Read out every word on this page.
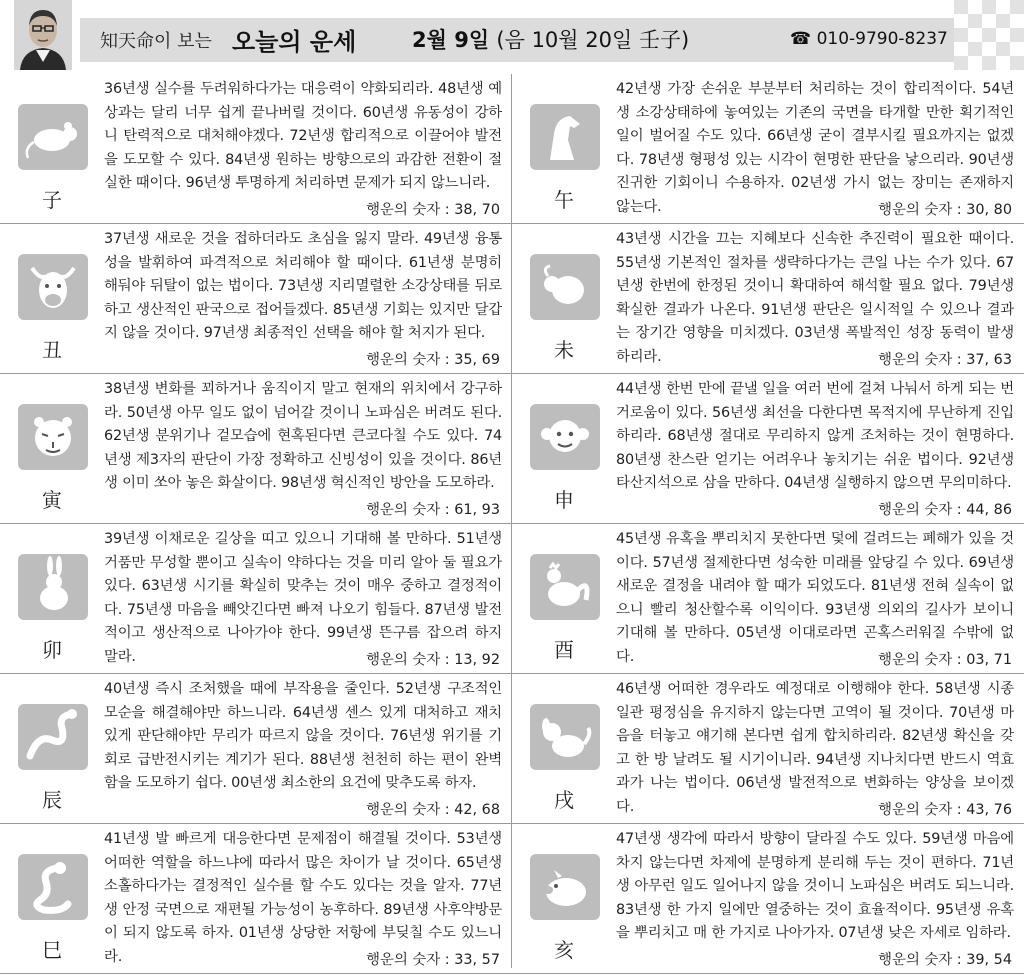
知天命이 보는 오늘의 운세	2월 9일 (음 10월 20일 壬子)	☎ 010-9790-8237
子
36년생 실수를 두려워하다가는 대응력이 약화되리라. 48년생 예상과는 달리 너무 쉽게 끝나버릴 것이다. 60년생 유동성이 강하니 탄력적으로 대처해야겠다. 72년생 합리적으로 이끌어야 발전을 도모할 수 있다. 84년생 원하는 방향으로의 과감한 전환이 절실한 때이다. 96년생 투명하게 처리하면 문제가 되지 않느니라.
행운의 숫자 : 38, 70
丑
37년생 새로운 것을 접하더라도 초심을 잃지 말라. 49년생 융통성을 발휘하여 파격적으로 처리해야 할 때이다. 61년생 분명히 해둬야 뒤탈이 없는 법이다. 73년생 지리멸렬한 소강상태를 뒤로하고 생산적인 판국으로 접어들겠다. 85년생 기회는 있지만 달갑지 않을 것이다. 97년생 최종적인 선택을 해야 할 처지가 된다.
행운의 숫자 : 35, 69
寅
38년생 변화를 꾀하거나 움직이지 말고 현재의 위치에서 강구하라. 50년생 아무 일도 없이 넘어갈 것이니 노파심은 버려도 된다. 62년생 분위기나 겉모습에 현혹된다면 큰코다칠 수도 있다. 74년생 제3자의 판단이 가장 정확하고 신빙성이 있을 것이다. 86년생 이미 쏘아 놓은 화살이다. 98년생 혁신적인 방안을 도모하라.
행운의 숫자 : 61, 93
卯
39년생 이채로운 길상을 띠고 있으니 기대해 볼 만하다. 51년생 거품만 무성할 뿐이고 실속이 약하다는 것을 미리 알아 둘 필요가 있다. 63년생 시기를 확실히 맞추는 것이 매우 중하고 결정적이다. 75년생 마음을 빼앗긴다면 빠져 나오기 힘들다. 87년생 발전적이고 생산적으로 나아가야 한다. 99년생 뜬구름 잡으려 하지 말라.	행운의 숫자 : 13, 92
辰
40년생 즉시 조처했을 때에 부작용을 줄인다. 52년생 구조적인 모순을 해결해야만 하느니라. 64년생 센스 있게 대처하고 재치 있게 판단해야만 무리가 따르지 않을 것이다. 76년생 위기를 기회로 급반전시키는 계기가 된다. 88년생 천천히 하는 편이 완벽함을 도모하기 쉽다. 00년생 최소한의 요건에 맞추도록 하자.
행운의 숫자 : 42, 68
巳
41년생 발 빠르게 대응한다면 문제점이 해결될 것이다. 53년생 어떠한 역할을 하느냐에 따라서 많은 차이가 날 것이다. 65년생 소홀하다가는 결정적인 실수를 할 수도 있다는 것을 알자. 77년생 안정 국면으로 재편될 가능성이 농후하다. 89년생 사후약방문이 되지 않도록 하자. 01년생 상당한 저항에 부딪칠 수도 있느니라.	행운의 숫자 : 33, 57
午
42년생 가장 손쉬운 부분부터 처리하는 것이 합리적이다. 54년생 소강상태하에 놓여있는 기존의 국면을 타개할 만한 획기적인 일이 벌어질 수도 있다. 66년생 굳이 결부시킬 필요까지는 없겠다. 78년생 형평성 있는 시각이 현명한 판단을 낳으리라. 90년생 진귀한 기회이니 수용하자. 02년생 가시 없는 장미는 존재하지 않는다.	행운의 숫자 : 30, 80
未
43년생 시간을 끄는 지혜보다 신속한 추진력이 필요한 때이다. 55년생 기본적인 절차를 생략하다가는 큰일 나는 수가 있다. 67년생 한번에 한정된 것이니 확대하여 해석할 필요 없다. 79년생 확실한 결과가 나온다. 91년생 판단은 일시적일 수 있으나 결과는 장기간 영향을 미치겠다. 03년생 폭발적인 성장 동력이 발생하리라.	행운의 숫자 : 37, 63
申
44년생 한번 만에 끝낼 일을 여러 번에 걸쳐 나눠서 하게 되는 번거로움이 있다. 56년생 최선을 다한다면 목적지에 무난하게 진입하리라. 68년생 절대로 무리하지 않게 조처하는 것이 현명하다. 80년생 찬스란 얻기는 어려우나 놓치기는 쉬운 법이다. 92년생 타산지석으로 삼을 만하다. 04년생 실행하지 않으면 무의미하다.
행운의 숫자 : 44, 86
酉
45년생 유혹을 뿌리치지 못한다면 덫에 걸려드는 폐해가 있을 것이다. 57년생 절제한다면 성숙한 미래를 앞당길 수 있다. 69년생 새로운 결정을 내려야 할 때가 되었도다. 81년생 전혀 실속이 없으니 빨리 청산할수록 이익이다. 93년생 의외의 길사가 보이니 기대해 볼 만하다. 05년생 이대로라면 곤혹스러워질 수밖에 없다.	행운의 숫자 : 03, 71
戌
46년생 어떠한 경우라도 예정대로 이행해야 한다. 58년생 시종일관 평정심을 유지하지 않는다면 고역이 될 것이다. 70년생 마음을 터놓고 얘기해 본다면 쉽게 합치하리라. 82년생 확신을 갖고 한 방 날려도 될 시기이니라. 94년생 지나치다면 반드시 역효과가 나는 법이다. 06년생 발전적으로 변화하는 양상을 보이겠다.	행운의 숫자 : 43, 76
亥
47년생 생각에 따라서 방향이 달라질 수도 있다. 59년생 마음에 차지 않는다면 차제에 분명하게 분리해 두는 것이 편하다. 71년생 아무런 일도 일어나지 않을 것이니 노파심은 버려도 되느니라. 83년생 한 가지 일에만 열중하는 것이 효율적이다. 95년생 유혹을 뿌리치고 매 한 가지로 나아가자. 07년생 낮은 자세로 임하라.
행운의 숫자 : 39, 54
